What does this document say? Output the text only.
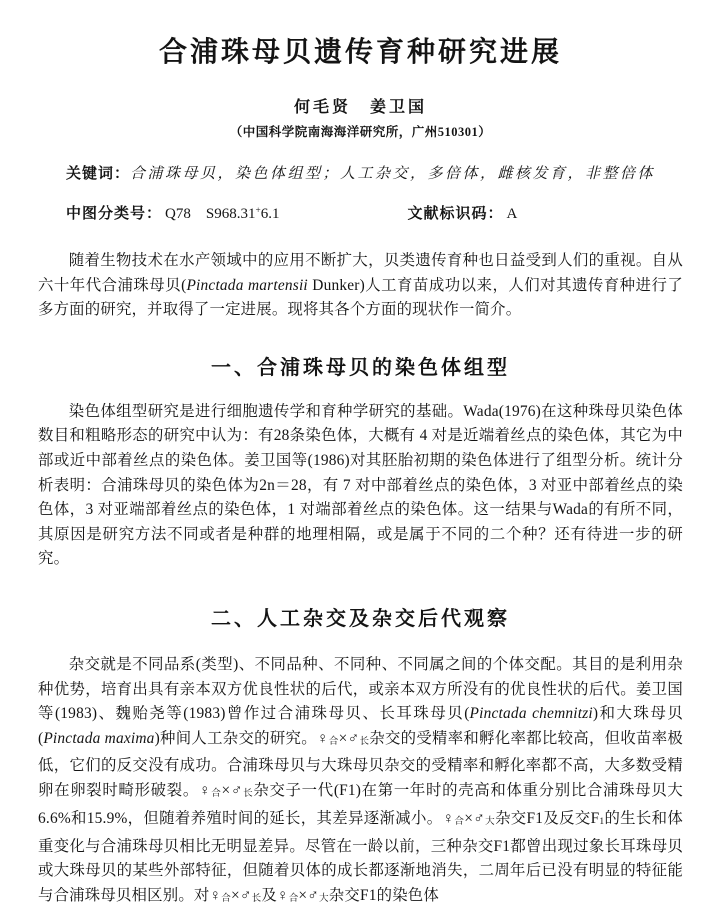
合浦珠母贝遗传育种研究进展
何毛贤　姜卫国
（中国科学院南海海洋研究所，广州510301）
关键词：合浦珠母贝，染色体组型；人工杂交，多倍体，雌核发育，非整倍体
中图分类号： Q78　S968.31+6.1	文献标识码： A

随着生物技术在水产领域中的应用不断扩大，贝类遗传育种也日益受到人们的重视。自从六十年代合浦珠母贝(Pinctada martensii Dunker)人工育苗成功以来，人们对其遗传育种进行了多方面的研究，并取得了一定进展。现将其各个方面的现状作一简介。

一、合浦珠母贝的染色体组型

染色体组型研究是进行细胞遗传学和育种学研究的基础。Wada(1976)在这种珠母贝染色体数目和粗略形态的研究中认为：有28条染色体，大概有 4 对是近端着丝点的染色体，其它为中部或近中部着丝点的染色体。姜卫国等(1986)对其胚胎初期的染色体进行了组型分析。统计分析表明：合浦珠母贝的染色体为2n＝28，有 7 对中部着丝点的染色体，3 对亚中部着丝点的染色体，3 对亚端部着丝点的染色体，1 对端部着丝点的染色体。这一结果与Wada的有所不同，其原因是研究方法不同或者是种群的地理相隔，或是属于不同的二个种？还有待进一步的研究。

二、人工杂交及杂交后代观察

杂交就是不同品系(类型)、不同品种、不同种、不同属之间的个体交配。其目的是利用杂种优势，培育出具有亲本双方优良性状的后代，或亲本双方所没有的优良性状的后代。姜卫国等(1983)、魏贻尧等(1983)曾作过合浦珠母贝、长耳珠母贝(Pinctada chemnitzi)和大珠母贝(Pinctada maxima)种间人工杂交的研究。♀合×♂长杂交的受精率和孵化率都比较高，但收苗率极低，它们的反交没有成功。合浦珠母贝与大珠母贝杂交的受精率和孵化率都不高，大多数受精卵在卵裂时畸形破裂。♀合×♂长杂交子一代(F1)在第一年时的壳高和体重分别比合浦珠母贝大6.6%和15.9%，但随着养殖时间的延长，其差异逐渐减小。♀合×♂大杂交F1及反交F1的生长和体重变化与合浦珠母贝相比无明显差异。尽管在一龄以前，三种杂交F1都曾出现过象长耳珠母贝或大珠母贝的某些外部特征，但随着贝体的成长都逐渐地消失，二周年后已没有明显的特征能与合浦珠母贝相区别。对♀合×♂长及♀合×♂大杂交F1的染色体
